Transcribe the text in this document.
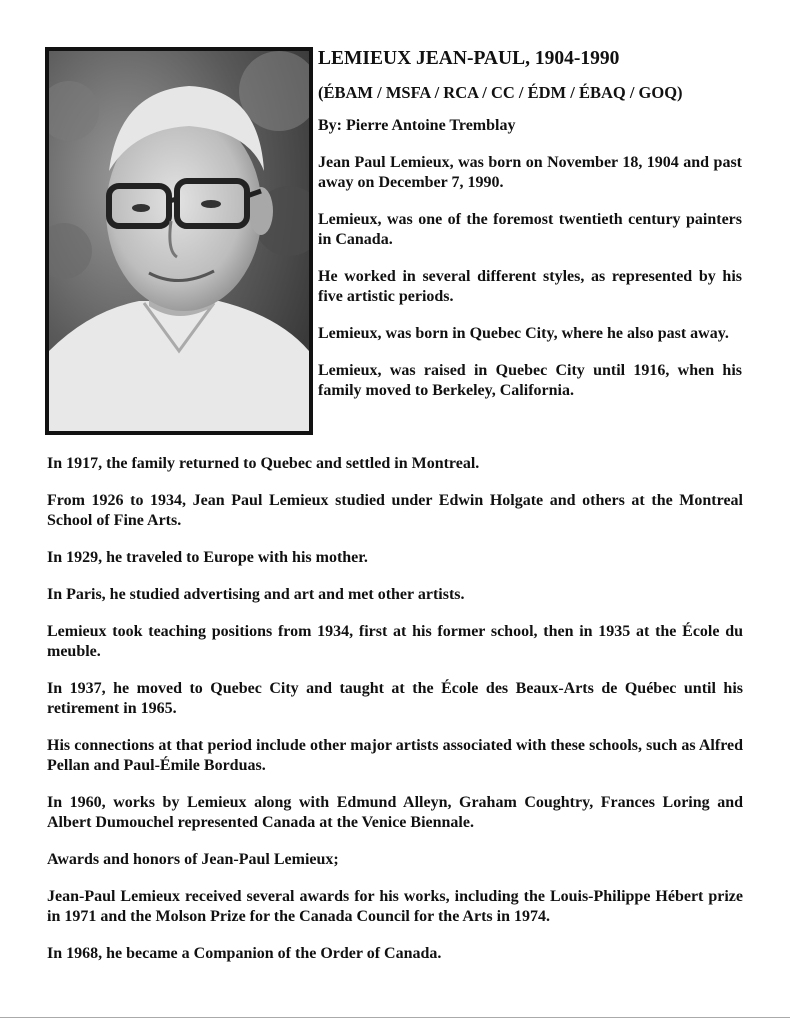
LEMIEUX JEAN-PAUL, 1904-1990
(ÉBAM / MSFA / RCA / CC / ÉDM / ÉBAQ / GOQ)
By: Pierre Antoine Tremblay

Jean Paul Lemieux, was born on November 18, 1904 and past away on December 7, 1990.

Lemieux, was one of the foremost twentieth century painters in Canada.

He worked in several different styles, as represented by his five artistic periods.

Lemieux, was born in Quebec City, where he also past away.

Lemieux, was raised in Quebec City until 1916, when his family moved to Berkeley, California.

In 1917, the family returned to Quebec and settled in Montreal.

From 1926 to 1934, Jean Paul Lemieux studied under Edwin Holgate and others at the Montreal School of Fine Arts.

In 1929, he traveled to Europe with his mother.

In Paris, he studied advertising and art and met other artists.

Lemieux took teaching positions from 1934, first at his former school, then in 1935 at the École du meuble.

In 1937, he moved to Quebec City and taught at the École des Beaux-Arts de Québec until his retirement in 1965.

His connections at that period include other major artists associated with these schools, such as Alfred Pellan and Paul-Émile Borduas.

In 1960, works by Lemieux along with Edmund Alleyn, Graham Coughtry, Frances Loring and Albert Dumouchel represented Canada at the Venice Biennale.

Awards and honors of Jean-Paul Lemieux;

Jean-Paul Lemieux received several awards for his works, including the Louis-Philippe Hébert prize in 1971 and the Molson Prize for the Canada Council for the Arts in 1974.

In 1968, he became a Companion of the Order of Canada.
